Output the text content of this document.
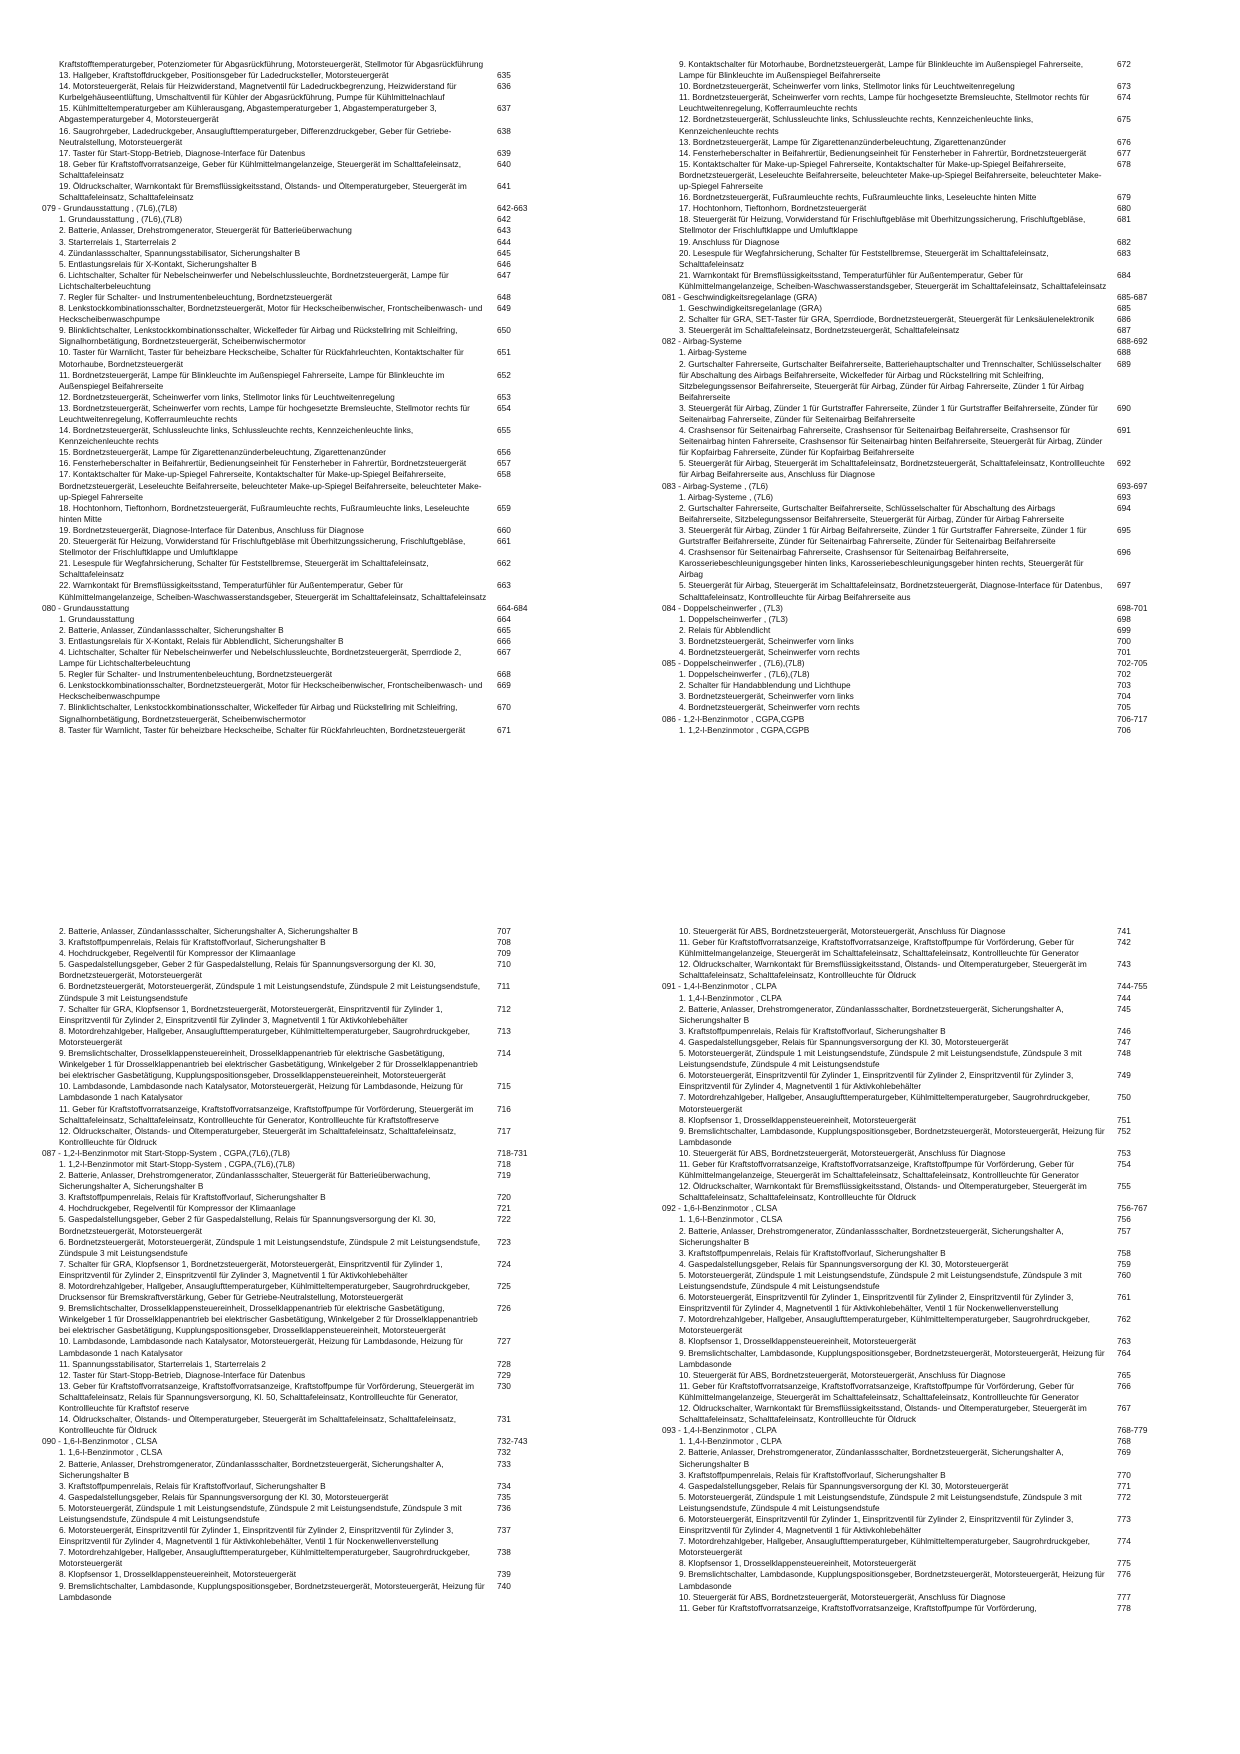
Kraftstofftemperaturgeber, Potenziometer für Abgasrückführung, Motorsteuergerät, Stellmotor für Abgasrückführung
13. Hallgeber, Kraftstoffdruckgeber, Positionsgeber für Ladedrucksteller, Motorsteuergerät	635
14. Motorsteuergerät, Relais für Heizwiderstand, Magnetventil für Ladedruckbegrenzung, Heizwiderstand für Kurbelgehäuseentlüftung, Umschaltventil für Kühler der Abgasrückführung, Pumpe für Kühlmittelnachlauf
636
15. Kühlmitteltemperaturgeber am Kühlerausgang, Abgastemperaturgeber 1, Abgastemperaturgeber 3, Abgastemperaturgeber 4, Motorsteuergerät
637
16. Saugrohrgeber, Ladedruckgeber, Ansauglufttemperaturgeber, Differenzdruckgeber, Geber für Getriebe-Neutralstellung, Motorsteuergerät
638
17. Taster für Start-Stopp-Betrieb, Diagnose-Interface für Datenbus	639
18. Geber für Kraftstoffvorratsanzeige, Geber für Kühlmittelmangelanzeige, Steuergerät im Schalttafeleinsatz, Schalttafeleinsatz
640
19. Öldruckschalter, Warnkontakt für Bremsflüssigkeitsstand, Ölstands- und Öltemperaturgeber, Steuergerät im Schalttafeleinsatz, Schalttafeleinsatz
641
079 - Grundausstattung , (7L6),(7L8)	642-663
1. Grundausstattung , (7L6),(7L8)	642
2. Batterie, Anlasser, Drehstromgenerator, Steuergerät für Batterieüberwachung	643
3. Starterrelais 1, Starterrelais 2	644
4. Zündanlassschalter, Spannungsstabilisator, Sicherungshalter B	645
5. Entlastungsrelais für X-Kontakt, Sicherungshalter B	646
6. Lichtschalter, Schalter für Nebelscheinwerfer und Nebelschlussleuchte, Bordnetzsteuergerät, Lampe für Lichtschalterbeleuchtung
647
7. Regler für Schalter- und Instrumentenbeleuchtung, Bordnetzsteuergerät	648
8. Lenkstockkombinationsschalter, Bordnetzsteuergerät, Motor für Heckscheibenwischer, Frontscheibenwasch- und Heckscheibenwaschpumpe
649
9. Blinklichtschalter, Lenkstockkombinationsschalter, Wickelfeder für Airbag und Rückstellring mit Schleifring, Signalhornbetätigung, Bordnetzsteuergerät, Scheibenwischermotor
650
10. Taster für Warnlicht, Taster für beheizbare Heckscheibe, Schalter für Rückfahrleuchten, Kontaktschalter für Motorhaube, Bordnetzsteuergerät
651
11. Bordnetzsteuergerät, Lampe für Blinkleuchte im Außenspiegel Fahrerseite, Lampe für Blinkleuchte im Außenspiegel Beifahrerseite
652
12. Bordnetzsteuergerät, Scheinwerfer vorn links, Stellmotor links für Leuchtweitenregelung	653
13. Bordnetzsteuergerät, Scheinwerfer vorn rechts, Lampe für hochgesetzte Bremsleuchte, Stellmotor rechts für Leuchtweitenregelung, Kofferraumleuchte rechts
654
14. Bordnetzsteuergerät, Schlussleuchte links, Schlussleuchte rechts, Kennzeichenleuchte links, Kennzeichenleuchte rechts
655
15. Bordnetzsteuergerät, Lampe für Zigarettenanzünderbeleuchtung, Zigarettenanzünder	656
16. Fensterheberschalter in Beifahrertür, Bedienungseinheit für Fensterheber in Fahrertür, Bordnetzsteuergerät	657
17. Kontaktschalter für Make-up-Spiegel Fahrerseite, Kontaktschalter für Make-up-Spiegel Beifahrerseite, Bordnetzsteuergerät, Leseleuchte Beifahrerseite, beleuchteter Make-up-Spiegel Beifahrerseite, beleuchteter Make-up-Spiegel Fahrerseite
658
18. Hochtonhorn, Tieftonhorn, Bordnetzsteuergerät, Fußraumleuchte rechts, Fußraumleuchte links, Leseleuchte hinten Mitte
659
19. Bordnetzsteuergerät, Diagnose-Interface für Datenbus, Anschluss für Diagnose	660
20. Steuergerät für Heizung, Vorwiderstand für Frischluftgebläse mit Überhitzungssicherung, Frischluftgebläse, Stellmotor der Frischluftklappe und Umluftklappe
661
21. Lesespule für Wegfahrsicherung, Schalter für Feststellbremse, Steuergerät im Schalttafeleinsatz, Schalttafeleinsatz
662
22. Warnkontakt für Bremsflüssigkeitsstand, Temperaturfühler für Außentemperatur, Geber für Kühlmittelmangelanzeige, Scheiben-Waschwasserstandsgeber, Steuergerät im Schalttafeleinsatz, Schalttafeleinsatz
663
080 - Grundausstattung	664-684
1. Grundausstattung	664
2. Batterie, Anlasser, Zündanlassschalter, Sicherungshalter B	665
3. Entlastungsrelais für X-Kontakt, Relais für Abblendlicht, Sicherungshalter B	666
4. Lichtschalter, Schalter für Nebelscheinwerfer und Nebelschlussleuchte, Bordnetzsteuergerät, Sperrdiode 2, Lampe für Lichtschalterbeleuchtung
667
5. Regler für Schalter- und Instrumentenbeleuchtung, Bordnetzsteuergerät	668
6. Lenkstockkombinationsschalter, Bordnetzsteuergerät, Motor für Heckscheibenwischer, Frontscheibenwasch- und Heckscheibenwaschpumpe
669
7. Blinklichtschalter, Lenkstockkombinationsschalter, Wickelfeder für Airbag und Rückstellring mit Schleifring, Signalhornbetätigung, Bordnetzsteuergerät, Scheibenwischermotor
670
8. Taster für Warnlicht, Taster für beheizbare Heckscheibe, Schalter für Rückfahrleuchten, Bordnetzsteuergerät	671
9. Kontaktschalter für Motorhaube, Bordnetzsteuergerät, Lampe für Blinkleuchte im Außenspiegel Fahrerseite, Lampe für Blinkleuchte im Außenspiegel Beifahrerseite
672
10. Bordnetzsteuergerät, Scheinwerfer vorn links, Stellmotor links für Leuchtweitenregelung	673
11. Bordnetzsteuergerät, Scheinwerfer vorn rechts, Lampe für hochgesetzte Bremsleuchte, Stellmotor rechts für Leuchtweitenregelung, Kofferraumleuchte rechts
674
12. Bordnetzsteuergerät, Schlussleuchte links, Schlussleuchte rechts, Kennzeichenleuchte links, Kennzeichenleuchte rechts
675
13. Bordnetzsteuergerät, Lampe für Zigarettenanzünderbeleuchtung, Zigarettenanzünder	676
14. Fensterheberschalter in Beifahrertür, Bedienungseinheit für Fensterheber in Fahrertür, Bordnetzsteuergerät	677
15. Kontaktschalter für Make-up-Spiegel Fahrerseite, Kontaktschalter für Make-up-Spiegel Beifahrerseite, Bordnetzsteuergerät, Leseleuchte Beifahrerseite, beleuchteter Make-up-Spiegel Beifahrerseite, beleuchteter Make-up-Spiegel Fahrerseite
678
16. Bordnetzsteuergerät, Fußraumleuchte rechts, Fußraumleuchte links, Leseleuchte hinten Mitte	679
17. Hochtonhorn, Tieftonhorn, Bordnetzsteuergerät	680
18. Steuergerät für Heizung, Vorwiderstand für Frischluftgebläse mit Überhitzungssicherung, Frischluftgebläse, Stellmotor der Frischluftklappe und Umluftklappe
681
19. Anschluss für Diagnose	682
20. Lesespule für Wegfahrsicherung, Schalter für Feststellbremse, Steuergerät im Schalttafeleinsatz, Schalttafeleinsatz
683
21. Warnkontakt für Bremsflüssigkeitsstand, Temperaturfühler für Außentemperatur, Geber für Kühlmittelmangelanzeige, Scheiben-Waschwasserstandsgeber, Steuergerät im Schalttafeleinsatz, Schalttafeleinsatz
684
081 - Geschwindigkeitsregelanlage (GRA)	685-687
1. Geschwindigkeitsregelanlage (GRA)	685
2. Schalter für GRA, SET-Taster für GRA, Sperrdiode, Bordnetzsteuergerät, Steuergerät für Lenksäulenelektronik	686
3. Steuergerät im Schalttafeleinsatz, Bordnetzsteuergerät, Schalttafeleinsatz	687
082 - Airbag-Systeme	688-692
1. Airbag-Systeme	688
2. Gurtschalter Fahrerseite, Gurtschalter Beifahrerseite, Batteriehauptschalter und Trennschalter, Schlüsselschalter für Abschaltung des Airbags Beifahrerseite, Wickelfeder für Airbag und Rückstellring mit Schleifring, Sitzbelegungssensor Beifahrerseite, Steuergerät für Airbag, Zünder für Airbag Fahrerseite, Zünder 1 für Airbag Beifahrerseite
689
3. Steuergerät für Airbag, Zünder 1 für Gurtstraffer Fahrerseite, Zünder 1 für Gurtstraffer Beifahrerseite, Zünder für Seitenairbag Fahrerseite, Zünder für Seitenairbag Beifahrerseite
690
4. Crashsensor für Seitenairbag Fahrerseite, Crashsensor für Seitenairbag Beifahrerseite, Crashsensor für Seitenairbag hinten Fahrerseite, Crashsensor für Seitenairbag hinten Beifahrerseite, Steuergerät für Airbag, Zünder für Kopfairbag Fahrerseite, Zünder für Kopfairbag Beifahrerseite
691
5. Steuergerät für Airbag, Steuergerät im Schalttafeleinsatz, Bordnetzsteuergerät, Schalttafeleinsatz, Kontrollleuchte für Airbag Beifahrerseite aus, Anschluss für Diagnose
692
083 - Airbag-Systeme , (7L6)	693-697
1. Airbag-Systeme , (7L6)	693
2. Gurtschalter Fahrerseite, Gurtschalter Beifahrerseite, Schlüsselschalter für Abschaltung des Airbags Beifahrerseite, Sitzbelegungssensor Beifahrerseite, Steuergerät für Airbag, Zünder für Airbag Fahrerseite
694
3. Steuergerät für Airbag, Zünder 1 für Airbag Beifahrerseite, Zünder 1 für Gurtstraffer Fahrerseite, Zünder 1 für Gurtstraffer Beifahrerseite, Zünder für Seitenairbag Fahrerseite, Zünder für Seitenairbag Beifahrerseite
695
4. Crashsensor für Seitenairbag Fahrerseite, Crashsensor für Seitenairbag Beifahrerseite, Karosseriebeschleunigungsgeber hinten links, Karosseriebeschleunigungsgeber hinten rechts, Steuergerät für Airbag
696
5. Steuergerät für Airbag, Steuergerät im Schalttafeleinsatz, Bordnetzsteuergerät, Diagnose-Interface für Datenbus, Schalttafeleinsatz, Kontrollleuchte für Airbag Beifahrerseite aus
697
084 - Doppelscheinwerfer , (7L3)	698-701
1. Doppelscheinwerfer , (7L3)	698
2. Relais für Abblendlicht	699
3. Bordnetzsteuergerät, Scheinwerfer vorn links	700
4. Bordnetzsteuergerät, Scheinwerfer vorn rechts	701
085 - Doppelscheinwerfer , (7L6),(7L8)	702-705
1. Doppelscheinwerfer , (7L6),(7L8)	702
2. Schalter für Handabblendung und Lichthupe	703
3. Bordnetzsteuergerät, Scheinwerfer vorn links	704
4. Bordnetzsteuergerät, Scheinwerfer vorn rechts	705
086 - 1,2-l-Benzinmotor , CGPA,CGPB	706-717
1. 1,2-l-Benzinmotor , CGPA,CGPB	706
2. Batterie, Anlasser, Zündanlassschalter, Sicherungshalter A, Sicherungshalter B	707
3. Kraftstoffpumpenrelais, Relais für Kraftstoffvorlauf, Sicherungshalter B	708
4. Hochdruckgeber, Regelventil für Kompressor der Klimaanlage	709
5. Gaspedalstellungsgeber, Geber 2 für Gaspedalstellung, Relais für Spannungsversorgung der Kl. 30, Bordnetzsteuergerät, Motorsteuergerät
710
6. Bordnetzsteuergerät, Motorsteuergerät, Zündspule 1 mit Leistungsendstufe, Zündspule 2 mit Leistungsendstufe, Zündspule 3 mit Leistungsendstufe
711
7. Schalter für GRA, Klopfsensor 1, Bordnetzsteuergerät, Motorsteuergerät, Einspritzventil für Zylinder 1, Einspritzventil für Zylinder 2, Einspritzventil für Zylinder 3, Magnetventil 1 für Aktivkohlebehälter
712
8. Motordrehzahlgeber, Hallgeber, Ansauglufttemperaturgeber, Kühlmitteltemperaturgeber, Saugrohrdruckgeber, Motorsteuergerät
713
9. Bremslichtschalter, Drosselklappensteuereinheit, Drosselklappenantrieb für elektrische Gasbetätigung, Winkelgeber 1 für Drosselklappenantrieb bei elektrischer Gasbetätigung, Winkelgeber 2 für Drosselklappenantrieb bei elektrischer Gasbetätigung, Kupplungspositionsgeber, Drosselklappensteuereinheit, Motorsteuergerät
714
10. Lambdasonde, Lambdasonde nach Katalysator, Motorsteuergerät, Heizung für Lambdasonde, Heizung für Lambdasonde 1 nach Katalysator
715
11. Geber für Kraftstoffvorratsanzeige, Kraftstoffvorratsanzeige, Kraftstoffpumpe für Vorförderung, Steuergerät im Schalttafeleinsatz, Schalttafeleinsatz, Kontrollleuchte für Generator, Kontrollleuchte für Kraftstoffreserve
716
12. Öldruckschalter, Ölstands- und Öltemperaturgeber, Steuergerät im Schalttafeleinsatz, Schalttafeleinsatz, Kontrollleuchte für Öldruck
717
087 - 1,2-l-Benzinmotor mit Start-Stopp-System , CGPA,(7L6),(7L8)	718-731
1. 1,2-l-Benzinmotor mit Start-Stopp-System , CGPA,(7L6),(7L8)	718
2. Batterie, Anlasser, Drehstromgenerator, Zündanlassschalter, Steuergerät für Batterieüberwachung, Sicherungshalter A, Sicherungshalter B
719
3. Kraftstoffpumpenrelais, Relais für Kraftstoffvorlauf, Sicherungshalter B	720
4. Hochdruckgeber, Regelventil für Kompressor der Klimaanlage	721
5. Gaspedalstellungsgeber, Geber 2 für Gaspedalstellung, Relais für Spannungsversorgung der Kl. 30, Bordnetzsteuergerät, Motorsteuergerät
722
6. Bordnetzsteuergerät, Motorsteuergerät, Zündspule 1 mit Leistungsendstufe, Zündspule 2 mit Leistungsendstufe, Zündspule 3 mit Leistungsendstufe
723
7. Schalter für GRA, Klopfsensor 1, Bordnetzsteuergerät, Motorsteuergerät, Einspritzventil für Zylinder 1, Einspritzventil für Zylinder 2, Einspritzventil für Zylinder 3, Magnetventil 1 für Aktivkohlebehälter
724
8. Motordrehzahlgeber, Hallgeber, Ansauglufttemperaturgeber, Kühlmitteltemperaturgeber, Saugrohrdruckgeber, Drucksensor für Bremskraftverstärkung, Geber für Getriebe-Neutralstellung, Motorsteuergerät
725
9. Bremslichtschalter, Drosselklappensteuereinheit, Drosselklappenantrieb für elektrische Gasbetätigung, Winkelgeber 1 für Drosselklappenantrieb bei elektrischer Gasbetätigung, Winkelgeber 2 für Drosselklappenantrieb bei elektrischer Gasbetätigung, Kupplungspositionsgeber, Drosselklappensteuereinheit, Motorsteuergerät
726
10. Lambdasonde, Lambdasonde nach Katalysator, Motorsteuergerät, Heizung für Lambdasonde, Heizung für Lambdasonde 1 nach Katalysator
727
11. Spannungsstabilisator, Starterrelais 1, Starterrelais 2	728
12. Taster für Start-Stopp-Betrieb, Diagnose-Interface für Datenbus	729
13. Geber für Kraftstoffvorratsanzeige, Kraftstoffvorratsanzeige, Kraftstoffpumpe für Vorförderung, Steuergerät im Schalttafeleinsatz, Relais für Spannungsversorgung, Kl. 50, Schalttafeleinsatz, Kontrollleuchte für Generator, Kontrollleuchte für Kraftstof reserve
730
14. Öldruckschalter, Ölstands- und Öltemperaturgeber, Steuergerät im Schalttafeleinsatz, Schalttafeleinsatz, Kontrollleuchte für Öldruck
731
090 - 1,6-l-Benzinmotor , CLSA	732-743
1. 1,6-l-Benzinmotor , CLSA	732
2. Batterie, Anlasser, Drehstromgenerator, Zündanlassschalter, Bordnetzsteuergerät, Sicherungshalter A, Sicherungshalter B
733
3. Kraftstoffpumpenrelais, Relais für Kraftstoffvorlauf, Sicherungshalter B	734
4. Gaspedalstellungsgeber, Relais für Spannungsversorgung der Kl. 30, Motorsteuergerät	735
5. Motorsteuergerät, Zündspule 1 mit Leistungsendstufe, Zündspule 2 mit Leistungsendstufe, Zündspule 3 mit Leistungsendstufe, Zündspule 4 mit Leistungsendstufe
736
6. Motorsteuergerät, Einspritzventil für Zylinder 1, Einspritzventil für Zylinder 2, Einspritzventil für Zylinder 3, Einspritzventil für Zylinder 4, Magnetventil 1 für Aktivkohlebehälter, Ventil 1 für Nockenwellenverstellung
737
7. Motordrehzahlgeber, Hallgeber, Ansauglufttemperaturgeber, Kühlmitteltemperaturgeber, Saugrohrdruckgeber, Motorsteuergerät
738
8. Klopfsensor 1, Drosselklappensteuereinheit, Motorsteuergerät	739
9. Bremslichtschalter, Lambdasonde, Kupplungspositionsgeber, Bordnetzsteuergerät, Motorsteuergerät, Heizung für Lambdasonde
740
10. Steuergerät für ABS, Bordnetzsteuergerät, Motorsteuergerät, Anschluss für Diagnose	741
11. Geber für Kraftstoffvorratsanzeige, Kraftstoffvorratsanzeige, Kraftstoffpumpe für Vorförderung, Geber für Kühlmittelmangelanzeige, Steuergerät im Schalttafeleinsatz, Schalttafeleinsatz, Kontrollleuchte für Generator
742
12. Öldruckschalter, Warnkontakt für Bremsflüssigkeitsstand, Ölstands- und Öltemperaturgeber, Steuergerät im Schalttafeleinsatz, Schalttafeleinsatz, Kontrollleuchte für Öldruck
743
091 - 1,4-l-Benzinmotor , CLPA	744-755
1. 1,4-l-Benzinmotor , CLPA	744
2. Batterie, Anlasser, Drehstromgenerator, Zündanlassschalter, Bordnetzsteuergerät, Sicherungshalter A, Sicherungshalter B
745
3. Kraftstoffpumpenrelais, Relais für Kraftstoffvorlauf, Sicherungshalter B	746
4. Gaspedalstellungsgeber, Relais für Spannungsversorgung der Kl. 30, Motorsteuergerät	747
5. Motorsteuergerät, Zündspule 1 mit Leistungsendstufe, Zündspule 2 mit Leistungsendstufe, Zündspule 3 mit Leistungsendstufe, Zündspule 4 mit Leistungsendstufe
748
6. Motorsteuergerät, Einspritzventil für Zylinder 1, Einspritzventil für Zylinder 2, Einspritzventil für Zylinder 3, Einspritzventil für Zylinder 4, Magnetventil 1 für Aktivkohlebehälter
749
7. Motordrehzahlgeber, Hallgeber, Ansauglufttemperaturgeber, Kühlmitteltemperaturgeber, Saugrohrdruckgeber, Motorsteuergerät
750
8. Klopfsensor 1, Drosselklappensteuereinheit, Motorsteuergerät	751
9. Bremslichtschalter, Lambdasonde, Kupplungspositionsgeber, Bordnetzsteuergerät, Motorsteuergerät, Heizung für Lambdasonde
752
10. Steuergerät für ABS, Bordnetzsteuergerät, Motorsteuergerät, Anschluss für Diagnose	753
11. Geber für Kraftstoffvorratsanzeige, Kraftstoffvorratsanzeige, Kraftstoffpumpe für Vorförderung, Geber für Kühlmittelmangelanzeige, Steuergerät im Schalttafeleinsatz, Schalttafeleinsatz, Kontrollleuchte für Generator
754
12. Öldruckschalter, Warnkontakt für Bremsflüssigkeitsstand, Ölstands- und Öltemperaturgeber, Steuergerät im Schalttafeleinsatz, Schalttafeleinsatz, Kontrollleuchte für Öldruck
755
092 - 1,6-l-Benzinmotor , CLSA	756-767
1. 1,6-l-Benzinmotor , CLSA	756
2. Batterie, Anlasser, Drehstromgenerator, Zündanlassschalter, Bordnetzsteuergerät, Sicherungshalter A, Sicherungshalter B
757
3. Kraftstoffpumpenrelais, Relais für Kraftstoffvorlauf, Sicherungshalter B	758
4. Gaspedalstellungsgeber, Relais für Spannungsversorgung der Kl. 30, Motorsteuergerät	759
5. Motorsteuergerät, Zündspule 1 mit Leistungsendstufe, Zündspule 2 mit Leistungsendstufe, Zündspule 3 mit Leistungsendstufe, Zündspule 4 mit Leistungsendstufe
760
6. Motorsteuergerät, Einspritzventil für Zylinder 1, Einspritzventil für Zylinder 2, Einspritzventil für Zylinder 3, Einspritzventil für Zylinder 4, Magnetventil 1 für Aktivkohlebehälter, Ventil 1 für Nockenwellenverstellung
761
7. Motordrehzahlgeber, Hallgeber, Ansauglufttemperaturgeber, Kühlmitteltemperaturgeber, Saugrohrdruckgeber, Motorsteuergerät
762
8. Klopfsensor 1, Drosselklappensteuereinheit, Motorsteuergerät	763
9. Bremslichtschalter, Lambdasonde, Kupplungspositionsgeber, Bordnetzsteuergerät, Motorsteuergerät, Heizung für Lambdasonde
764
10. Steuergerät für ABS, Bordnetzsteuergerät, Motorsteuergerät, Anschluss für Diagnose	765
11. Geber für Kraftstoffvorratsanzeige, Kraftstoffvorratsanzeige, Kraftstoffpumpe für Vorförderung, Geber für Kühlmittelmangelanzeige, Steuergerät im Schalttafeleinsatz, Schalttafeleinsatz, Kontrollleuchte für Generator
766
12. Öldruckschalter, Warnkontakt für Bremsflüssigkeitsstand, Ölstands- und Öltemperaturgeber, Steuergerät im Schalttafeleinsatz, Schalttafeleinsatz, Kontrollleuchte für Öldruck
767
093 - 1,4-l-Benzinmotor , CLPA	768-779
1. 1,4-l-Benzinmotor , CLPA	768
2. Batterie, Anlasser, Drehstromgenerator, Zündanlassschalter, Bordnetzsteuergerät, Sicherungshalter A, Sicherungshalter B
769
3. Kraftstoffpumpenrelais, Relais für Kraftstoffvorlauf, Sicherungshalter B	770
4. Gaspedalstellungsgeber, Relais für Spannungsversorgung der Kl. 30, Motorsteuergerät	771
5. Motorsteuergerät, Zündspule 1 mit Leistungsendstufe, Zündspule 2 mit Leistungsendstufe, Zündspule 3 mit Leistungsendstufe, Zündspule 4 mit Leistungsendstufe
772
6. Motorsteuergerät, Einspritzventil für Zylinder 1, Einspritzventil für Zylinder 2, Einspritzventil für Zylinder 3, Einspritzventil für Zylinder 4, Magnetventil 1 für Aktivkohlebehälter
773
7. Motordrehzahlgeber, Hallgeber, Ansauglufttemperaturgeber, Kühlmitteltemperaturgeber, Saugrohrdruckgeber, Motorsteuergerät
774
8. Klopfsensor 1, Drosselklappensteuereinheit, Motorsteuergerät	775
9. Bremslichtschalter, Lambdasonde, Kupplungspositionsgeber, Bordnetzsteuergerät, Motorsteuergerät, Heizung für Lambdasonde
776
10. Steuergerät für ABS, Bordnetzsteuergerät, Motorsteuergerät, Anschluss für Diagnose	777
11. Geber für Kraftstoffvorratsanzeige, Kraftstoffvorratsanzeige, Kraftstoffpumpe für Vorförderung,	778
